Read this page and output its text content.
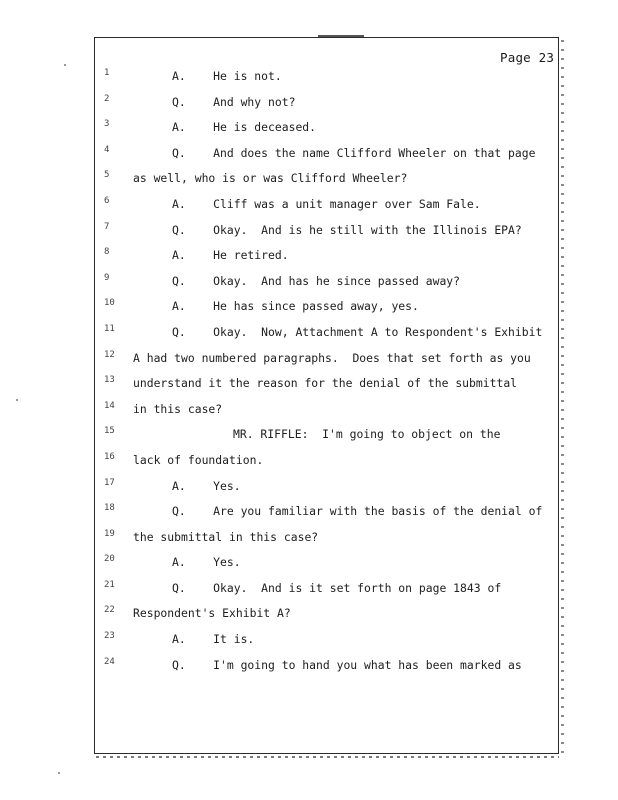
Page 23
1	A.    He is not.
2	Q.    And why not?
3	A.    He is deceased.
4	Q.    And does the name Clifford Wheeler on that page
5 as well, who is or was Clifford Wheeler?
6	A.    Cliff was a unit manager over Sam Fale.
7	Q.    Okay.  And is he still with the Illinois EPA?
8	A.    He retired.
9	Q.    Okay.  And has he since passed away?
10	A.    He has since passed away, yes.
11	Q.    Okay.  Now, Attachment A to Respondent's Exhibit
12 A had two numbered paragraphs.  Does that set forth as you
13 understand it the reason for the denial of the submittal
14 in this case?
15	MR. RIFFLE:  I'm going to object on the
16 lack of foundation.
17	A.    Yes.
18	Q.    Are you familiar with the basis of the denial of
19 the submittal in this case?
20	A.    Yes.
21	Q.    Okay.  And is it set forth on page 1843 of
22 Respondent's Exhibit A?
23	A.    It is.
24	Q.    I'm going to hand you what has been marked as
